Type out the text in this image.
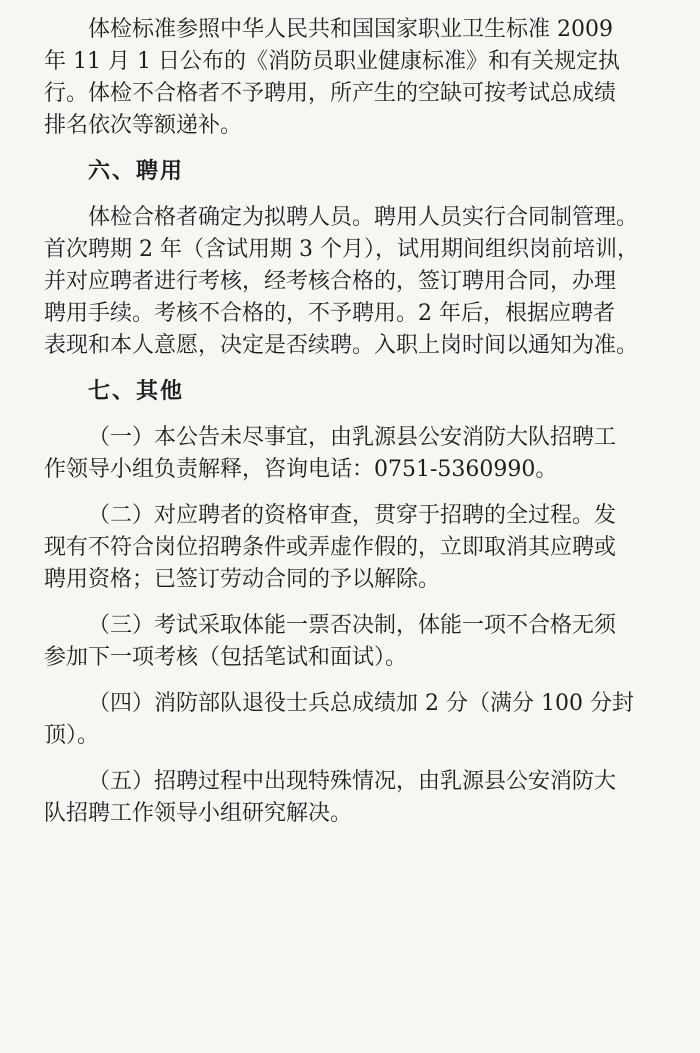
体检标准参照中华人民共和国国家职业卫生标准 2009
年 11 月 1 日公布的《消防员职业健康标准》和有关规定执
行。体检不合格者不予聘用，所产生的空缺可按考试总成绩
排名依次等额递补。
六、聘用
体检合格者确定为拟聘人员。聘用人员实行合同制管理。
首次聘期 2 年（含试用期 3 个月），试用期间组织岗前培训，
并对应聘者进行考核，经考核合格的，签订聘用合同，办理
聘用手续。考核不合格的，不予聘用。2 年后，根据应聘者
表现和本人意愿，决定是否续聘。入职上岗时间以通知为准。
七、其他
（一）本公告未尽事宜，由乳源县公安消防大队招聘工
作领导小组负责解释，咨询电话：0751-5360990。
（二）对应聘者的资格审查，贯穿于招聘的全过程。发
现有不符合岗位招聘条件或弄虚作假的，立即取消其应聘或
聘用资格；已签订劳动合同的予以解除。
（三）考试采取体能一票否决制，体能一项不合格无须
参加下一项考核（包括笔试和面试）。
（四）消防部队退役士兵总成绩加 2 分（满分 100 分封
顶）。
（五）招聘过程中出现特殊情况，由乳源县公安消防大
队招聘工作领导小组研究解决。
